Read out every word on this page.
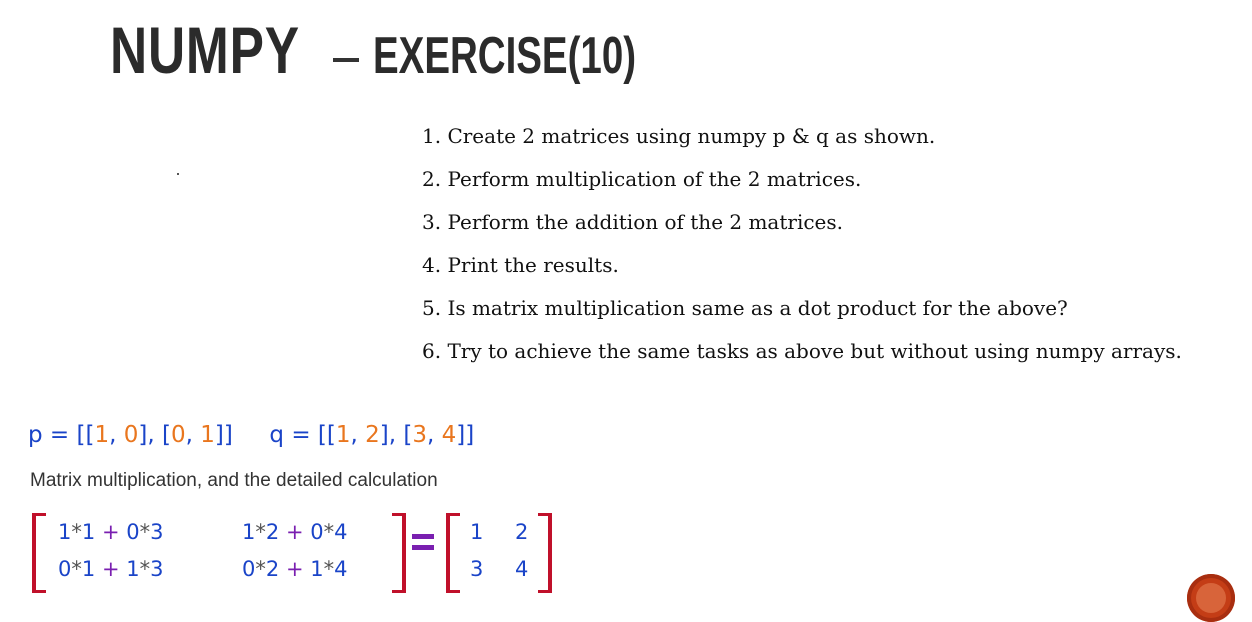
NUMPY EXERCISE(10)
1. Create 2 matrices using numpy p & q as shown.
2. Perform multiplication of the 2 matrices.
3. Perform the addition of the 2 matrices.
4. Print the results.
5. Is matrix multiplication same as a dot product for the above?
6. Try to achieve the same tasks as above but without using numpy arrays.
p = [[1, 0], [0, 1]]  q = [[1, 2], [3, 4]]
Matrix multiplication, and the detailed calculation
1*1 + 0*3	1*2 + 0*4
0*1 + 1*3	0*2 + 1*4
1 2
3 4
